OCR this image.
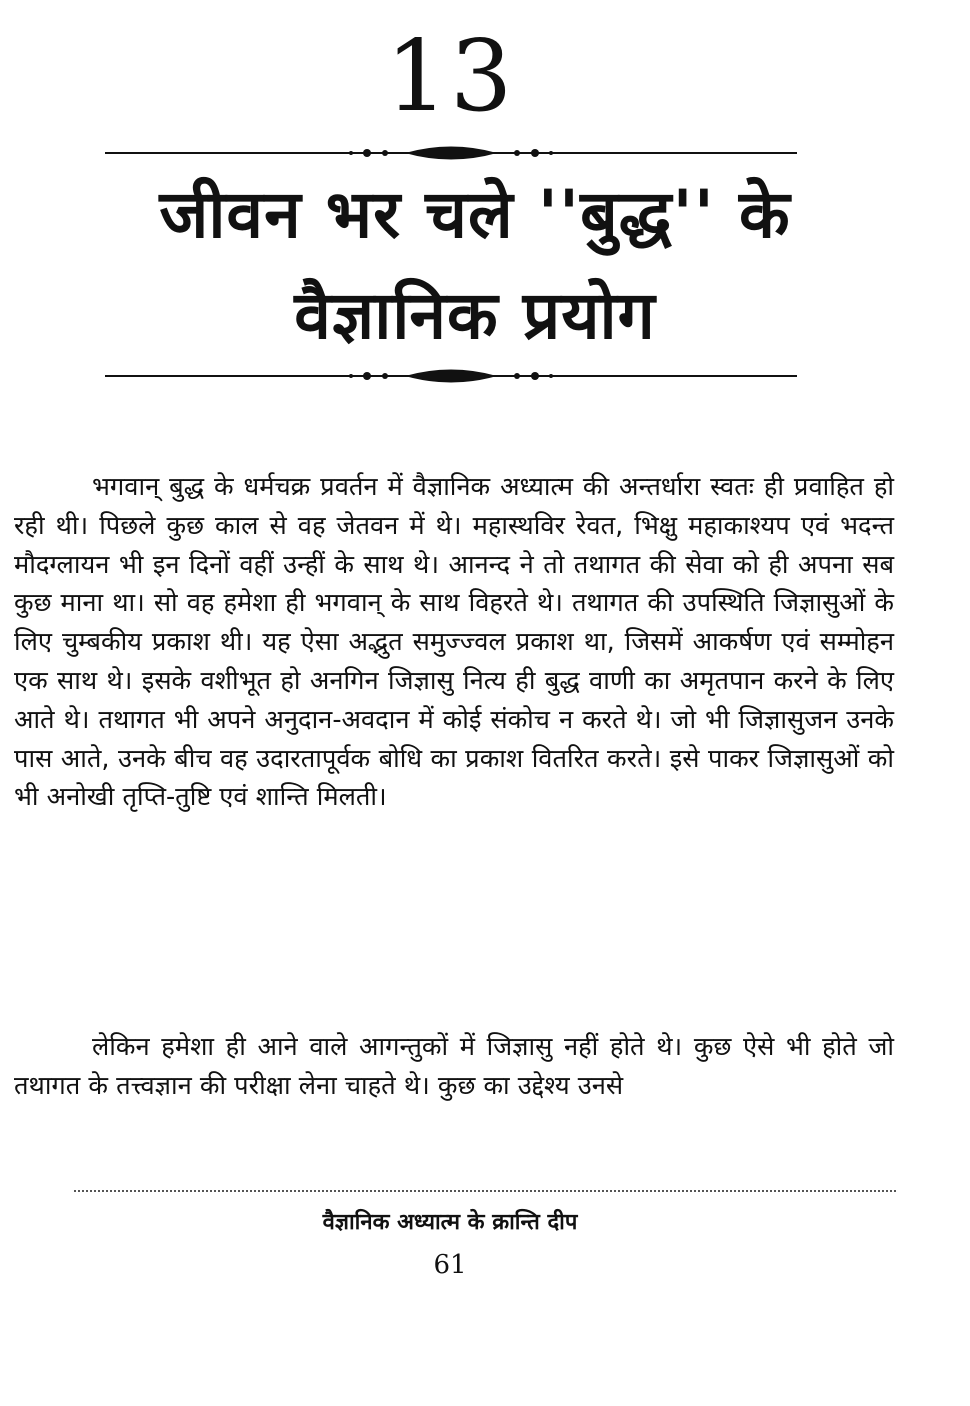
13
जीवन भर चले ''बुद्ध'' के
वैज्ञानिक प्रयोग

भगवान् बुद्ध के धर्मचक्र प्रवर्तन में वैज्ञानिक अध्यात्म की अन्तर्धारा स्वतः ही प्रवाहित हो रही थी। पिछले कुछ काल से वह जेतवन में थे। महास्थविर रेवत, भिक्षु महाकाश्यप एवं भदन्त मौदग्लायन भी इन दिनों वहीं उन्हीं के साथ थे। आनन्द ने तो तथागत की सेवा को ही अपना सब कुछ माना था। सो वह हमेशा ही भगवान् के साथ विहरते थे। तथागत की उपस्थिति जिज्ञासुओं के लिए चुम्बकीय प्रकाश थी। यह ऐसा अद्भुत समुज्ज्वल प्रकाश था, जिसमें आकर्षण एवं सम्मोहन एक साथ थे। इसके वशीभूत हो अनगिन जिज्ञासु नित्य ही बुद्ध वाणी का अमृतपान करने के लिए आते थे। तथागत भी अपने अनुदान-अवदान में कोई संकोच न करते थे। जो भी जिज्ञासुजन उनके पास आते, उनके बीच वह उदारतापूर्वक बोधि का प्रकाश वितरित करते। इसे पाकर जिज्ञासुओं को भी अनोखी तृप्ति-तुष्टि एवं शान्ति मिलती।

लेकिन हमेशा ही आने वाले आगन्तुकों में जिज्ञासु नहीं होते थे। कुछ ऐसे भी होते जो तथागत के तत्त्वज्ञान की परीक्षा लेना चाहते थे। कुछ का उद्देश्य उनसे

वैज्ञानिक अध्यात्म के क्रान्ति दीप
61
